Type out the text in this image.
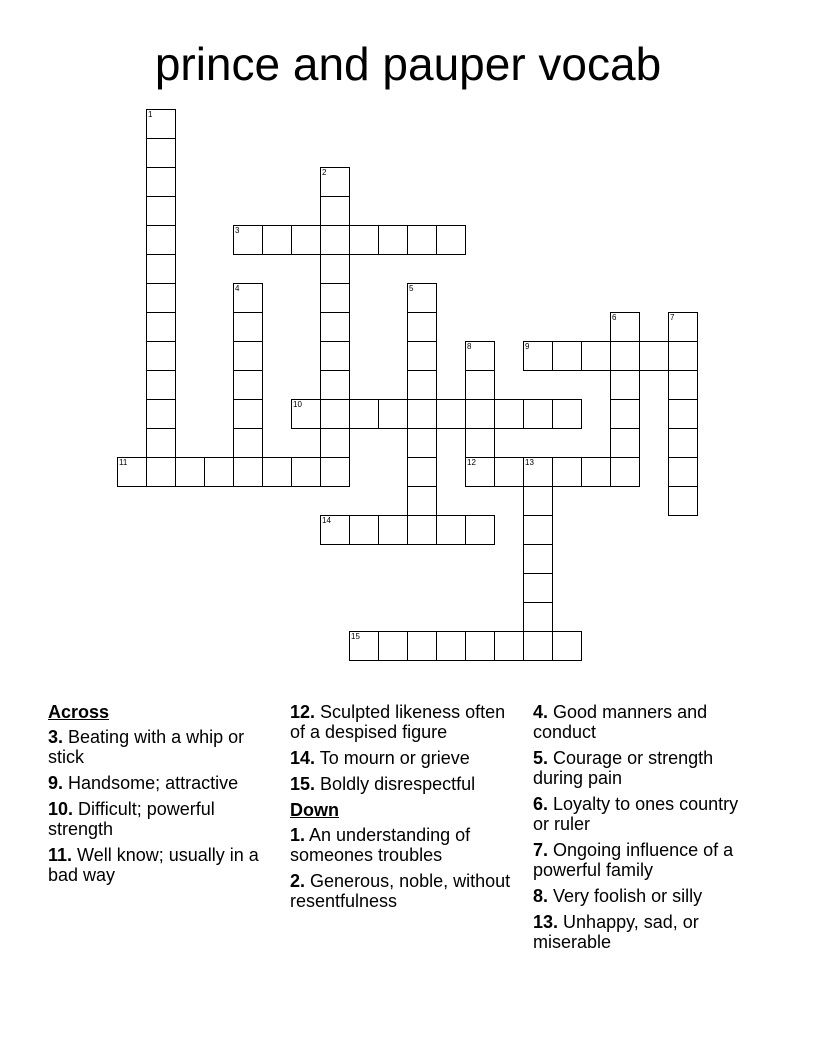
prince and pauper vocab
1
2
3
4	5
6	7
8
12
9
10
11	13
14
15
Across
3. Beating with a whip or stick
9. Handsome; attractive
10. Difficult; powerful strength
11. Well know; usually in a bad way
12. Sculpted likeness often of a despised figure
14. To mourn or grieve
15. Boldly disrespectful
Down
1. An understanding of someones troubles
2. Generous, noble, without resentfulness
4. Good manners and conduct
5. Courage or strength during pain
6. Loyalty to ones country or ruler
7. Ongoing influence of a powerful family
8. Very foolish or silly
13. Unhappy, sad, or miserable
